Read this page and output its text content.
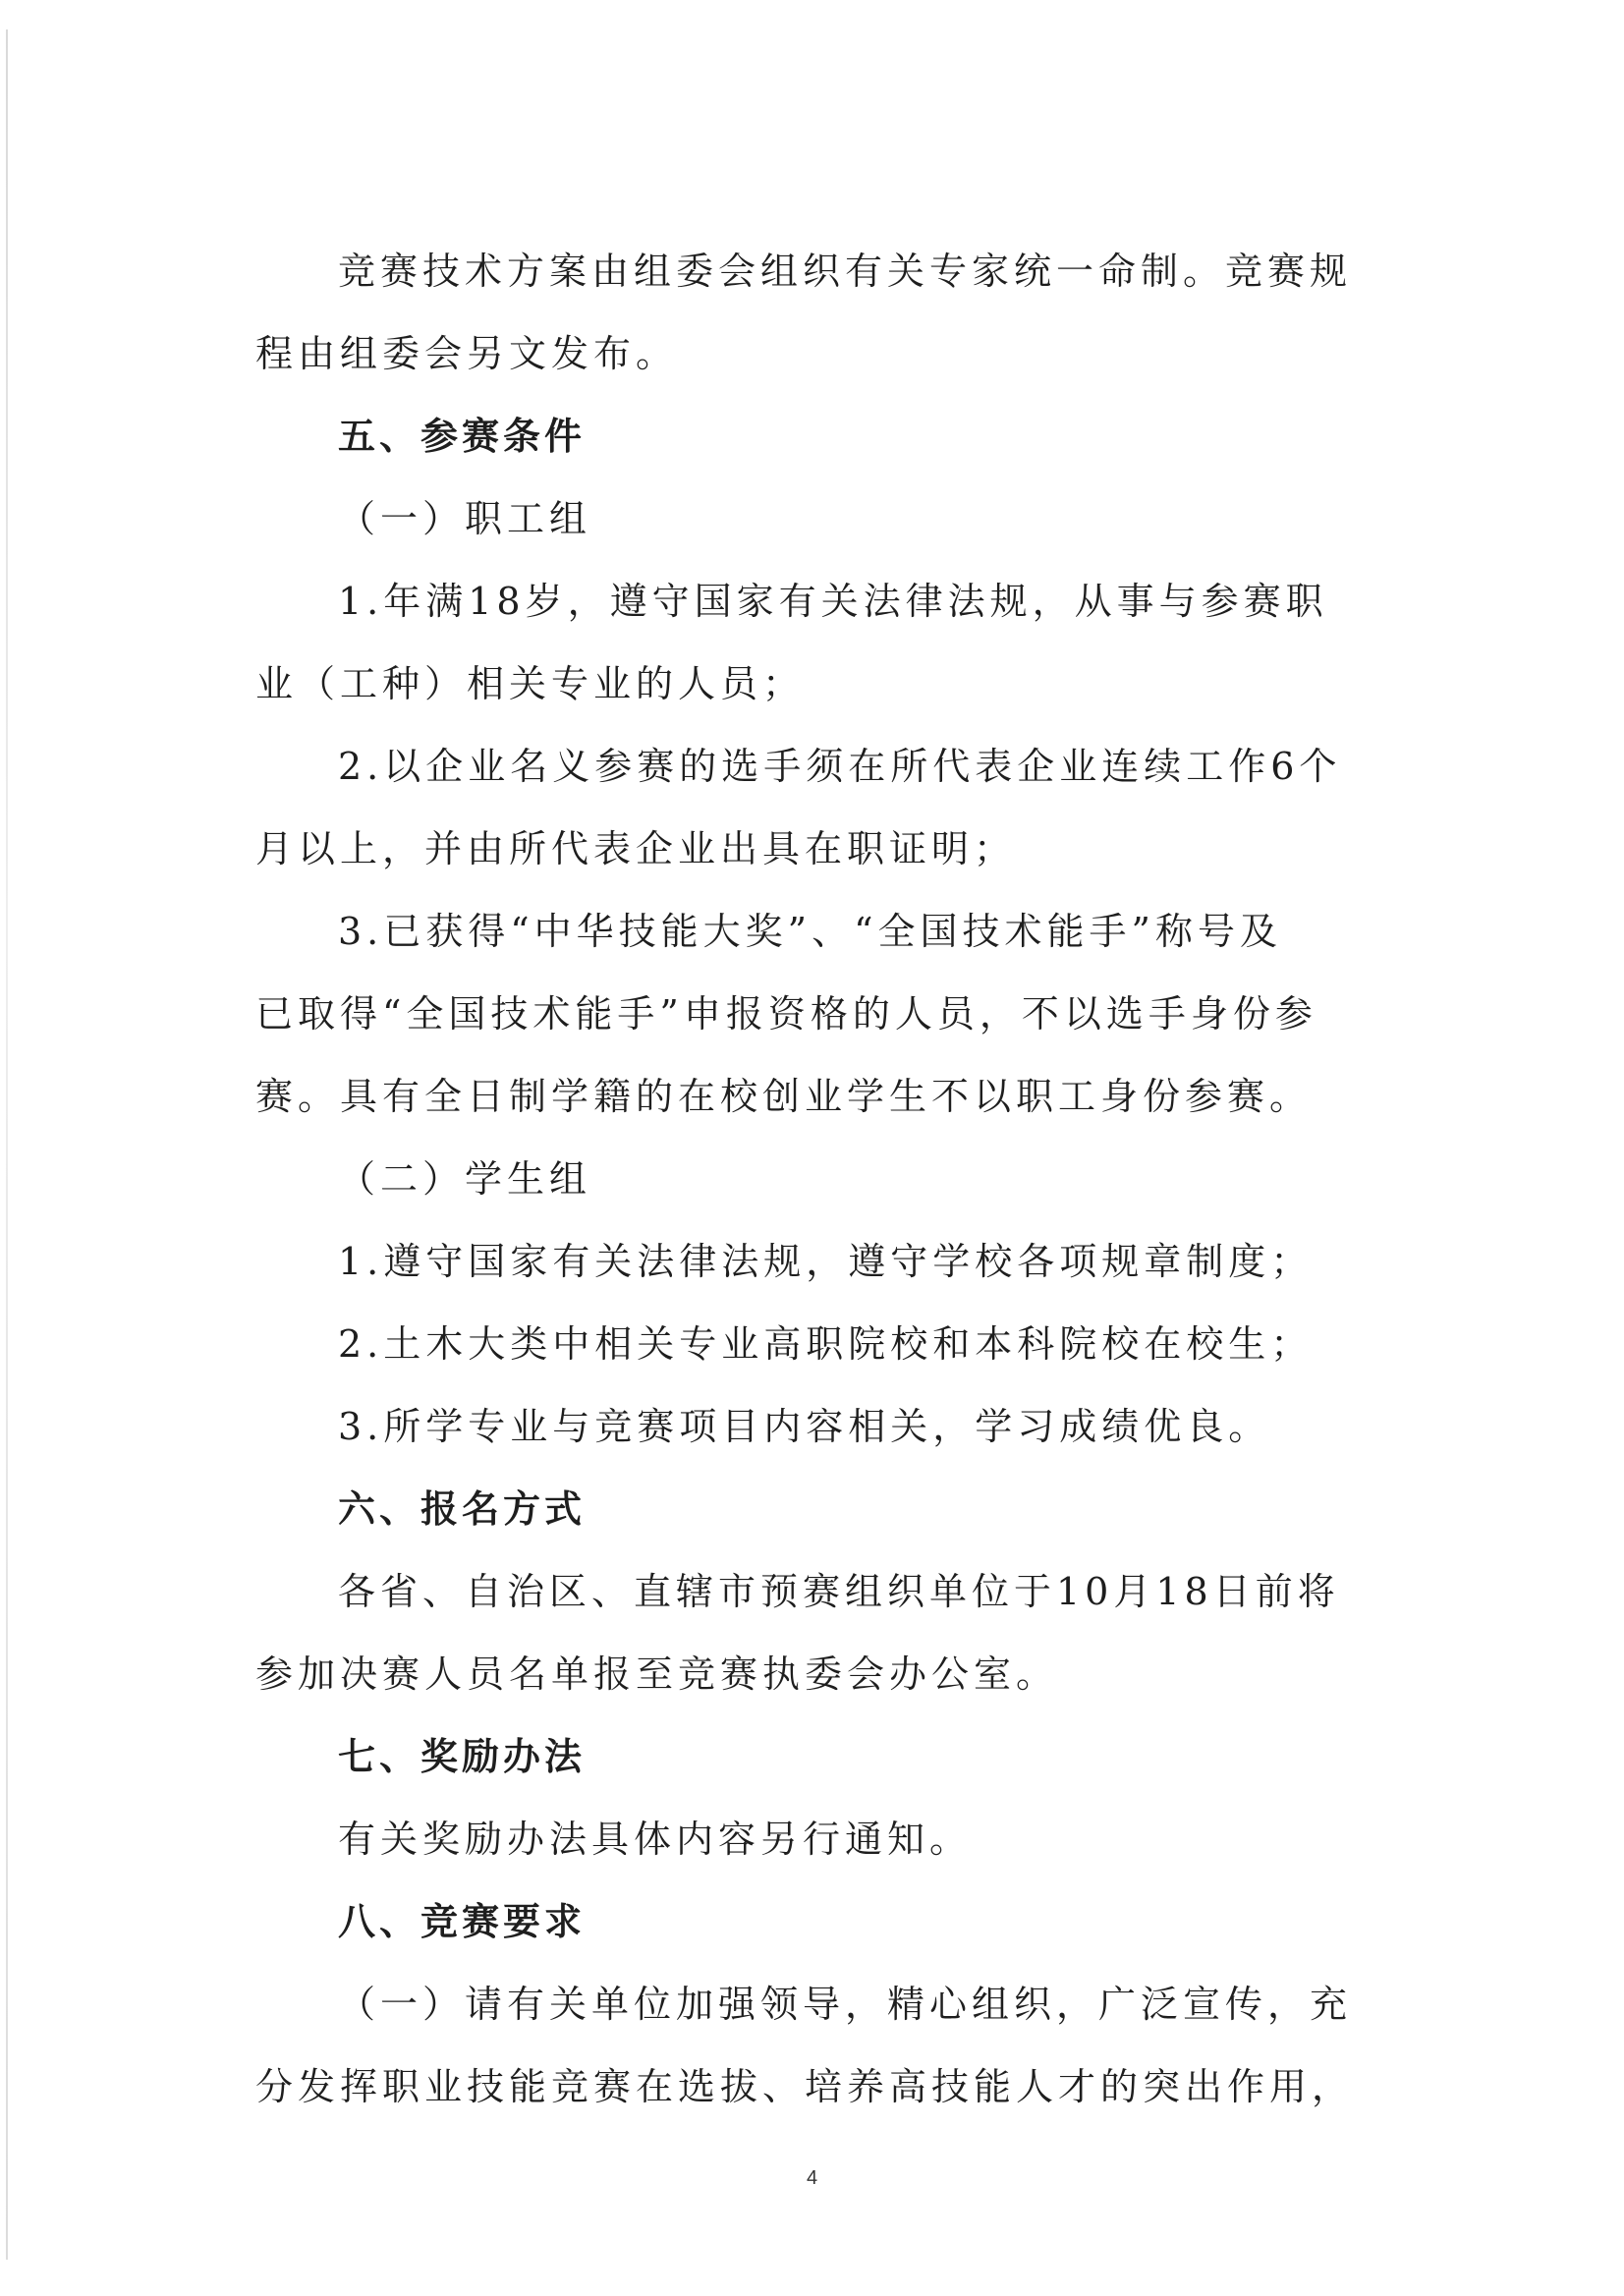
竞赛技术方案由组委会组织有关专家统一命制。竞赛规
程由组委会另文发布。
五、参赛条件
（一）职工组
1.年满18岁，遵守国家有关法律法规，从事与参赛职
业（工种）相关专业的人员；
2.以企业名义参赛的选手须在所代表企业连续工作6个
月以上，并由所代表企业出具在职证明；
3.已获得“中华技能大奖”、“全国技术能手”称号及
已取得“全国技术能手”申报资格的人员，不以选手身份参
赛。具有全日制学籍的在校创业学生不以职工身份参赛。
（二）学生组
1.遵守国家有关法律法规，遵守学校各项规章制度；
2.土木大类中相关专业高职院校和本科院校在校生；
3.所学专业与竞赛项目内容相关，学习成绩优良。
六、报名方式
各省、自治区、直辖市预赛组织单位于10月18日前将
参加决赛人员名单报至竞赛执委会办公室。
七、奖励办法
有关奖励办法具体内容另行通知。
八、竞赛要求
（一）请有关单位加强领导，精心组织，广泛宣传，充
分发挥职业技能竞赛在选拔、培养高技能人才的突出作用，
4
